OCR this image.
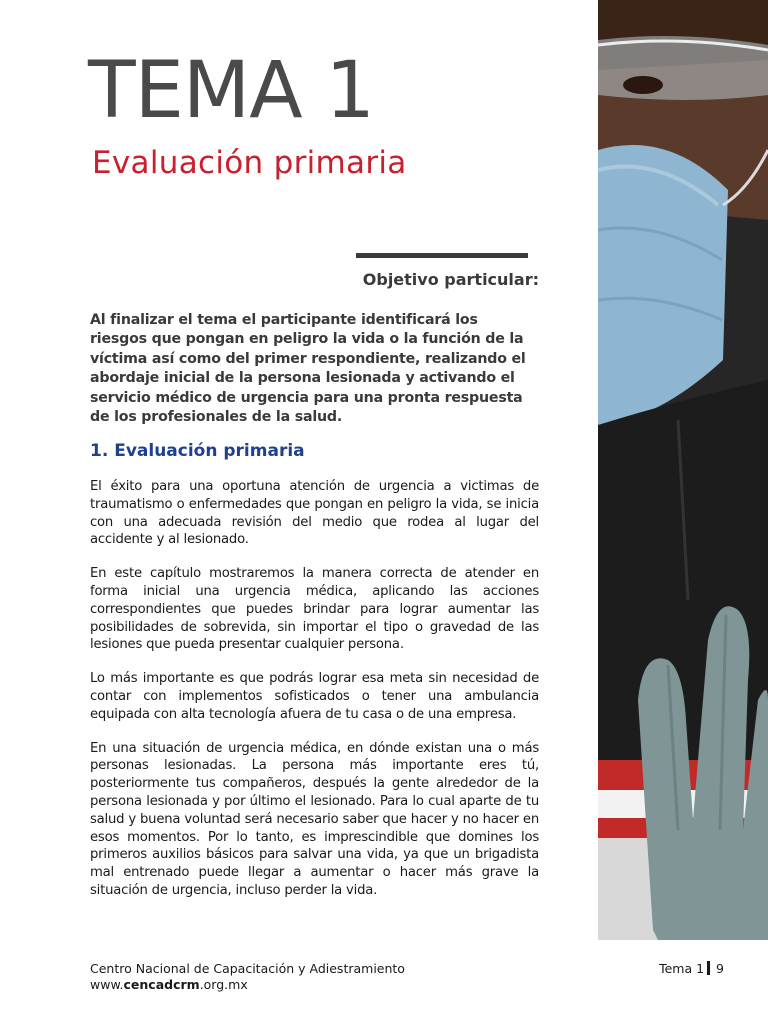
TEMA 1
Evaluación primaria
Objetivo particular:
Al finalizar el tema el participante identificará los riesgos que pongan en peligro la vida o la función de la víctima así como del primer respondiente, realizando el abordaje inicial de la persona lesionada y activando el servicio médico de urgencia para una pronta respuesta de los profesionales de la salud.
1. Evaluación primaria

El éxito para una oportuna atención de urgencia a victimas de traumatismo o enfermedades que pongan en peligro la vida, se inicia con una adecuada revisión del medio que rodea al lugar del accidente y al lesionado.

En este capítulo mostraremos la manera correcta de atender en forma inicial una urgencia médica, aplicando las acciones correspondientes que puedes brindar para lograr aumentar las posibilidades de sobrevida, sin importar el tipo o gravedad de las lesiones que pueda presentar cualquier persona.

Lo más importante es que podrás lograr esa meta sin necesidad de contar con implementos sofisticados o tener una ambulancia equipada con alta tecnología afuera de tu casa o de una empresa.

En una situación de urgencia médica, en dónde existan una o más personas lesionadas. La persona más importante eres tú, posteriormente tus compañeros, después la gente alrededor de la persona lesionada y por último el lesionado. Para lo cual aparte de tu salud y buena voluntad será necesario saber que hacer y no hacer en esos momentos. Por lo tanto, es imprescindible que domines los primeros auxilios básicos para salvar una vida, ya que un brigadista mal entrenado puede llegar a aumentar o hacer más grave la situación de urgencia, incluso perder la vida.

Centro Nacional de Capacitación y Adiestramiento
www.cencadcrm.org.mx
Tema 1 9
